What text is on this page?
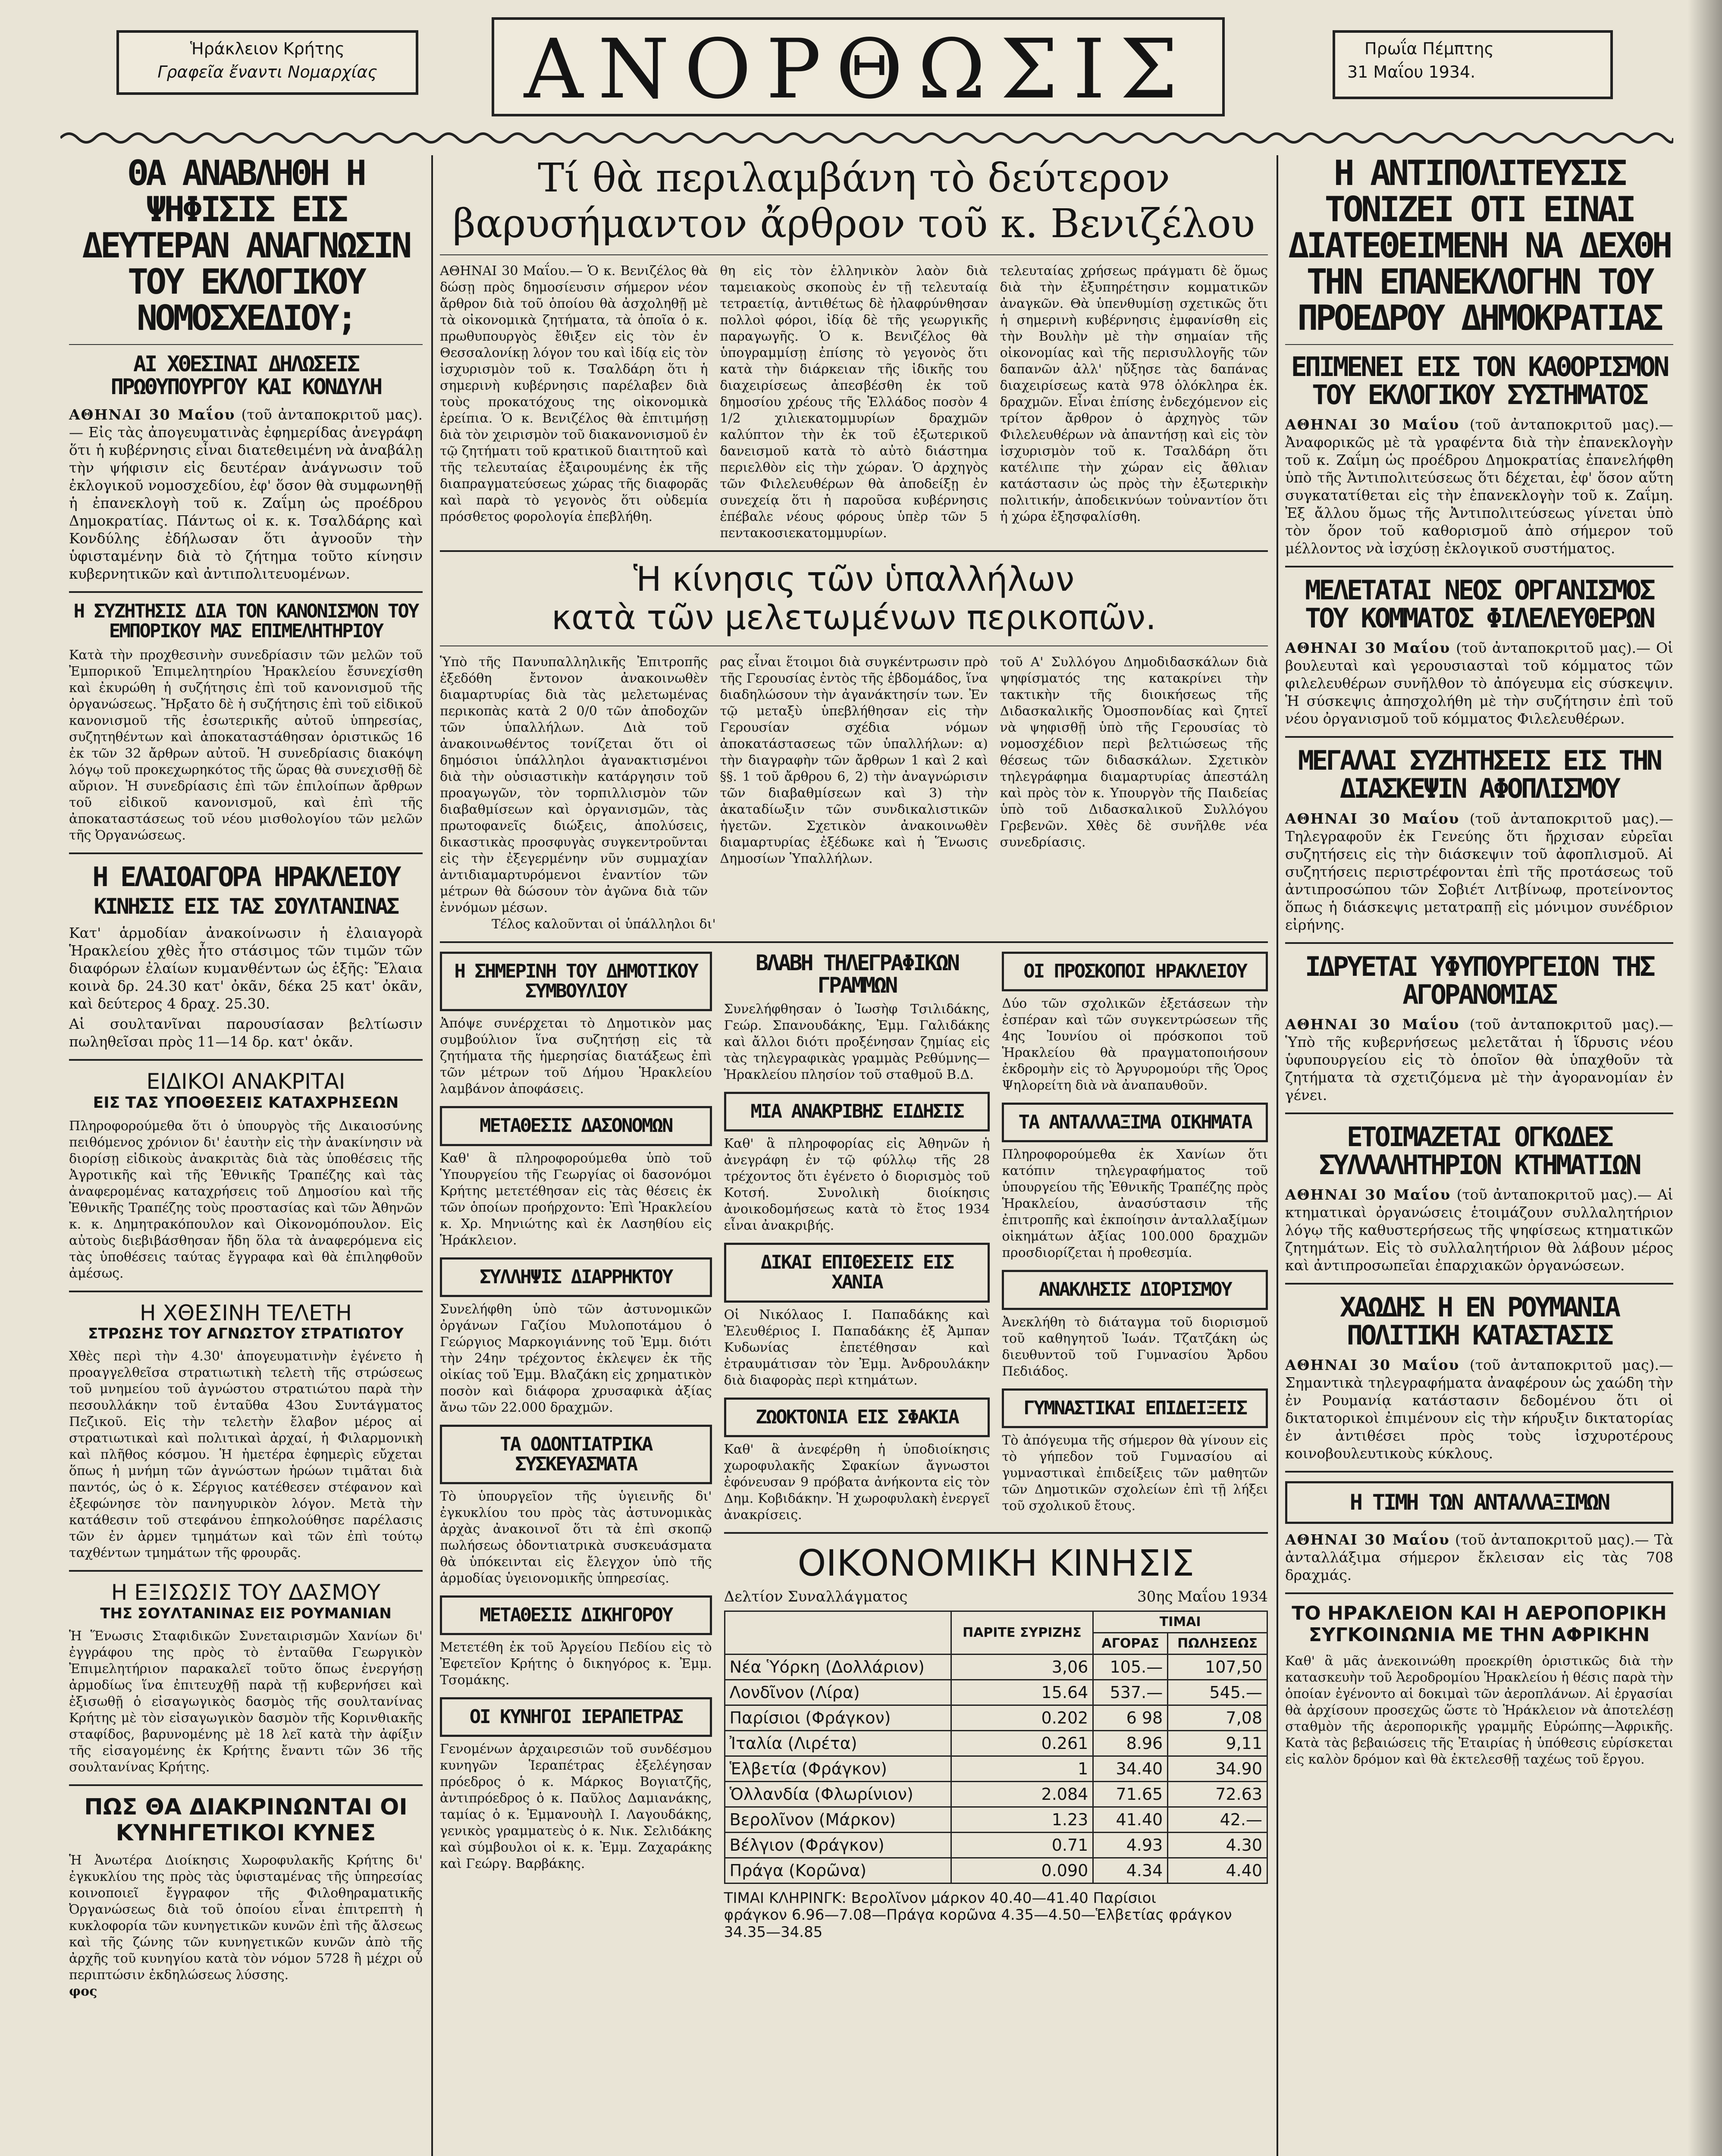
Ἡράκλειον Κρήτης
Γραφεῖα ἔναντι Νομαρχίας	ΑΝΟΡΘΩΣΙΣ	Πρωΐα Πέμπτης
31 Μαΐου 1934.
ΘΑ ΑΝΑΒΛΗΘΗ Η ΨΗΦΙΣΙΣ ΕΙΣ ΔΕΥΤΕΡΑΝ ΑΝΑΓΝΩΣΙΝ ΤΟΥ ΕΚΛΟΓΙΚΟΥ ΝΟΜΟΣΧΕΔΙΟΥ;
ΑΙ ΧΘΕΣΙΝΑΙ ΔΗΛΩΣΕΙΣ ΠΡΩΘΥΠΟΥΡΓΟΥ ΚΑΙ ΚΟΝΔΥΛΗ

ΑΘΗΝΑΙ 30 Μαΐου (τοῦ ἀνταποκριτοῦ μας).— Εἰς τὰς ἀπογευματινὰς ἐφημερίδας ἀνεγράφη ὅτι ἡ κυβέρνησις εἶναι διατεθειμένη νὰ ἀναβάλῃ τὴν ψήφισιν εἰς δευτέραν ἀνάγνωσιν τοῦ ἐκλογικοῦ νομοσχεδίου, ἐφ' ὅσον θὰ συμφωνηθῇ ἡ ἐπανεκλογὴ τοῦ κ. Ζαΐμη ὡς προέδρου Δημοκρατίας. Πάντως οἱ κ. κ. Τσαλδάρης καὶ Κονδύλης ἐδήλωσαν ὅτι ἀγνοοῦν τὴν ὑφισταμένην διὰ τὸ ζήτημα τοῦτο κίνησιν κυβερνητικῶν καὶ ἀντιπολιτευομένων.

Η ΣΥΖΗΤΗΣΙΣ ΔΙΑ ΤΟΝ ΚΑΝΟΝΙΣΜΟΝ ΤΟΥ ΕΜΠΟΡΙΚΟΥ ΜΑΣ ΕΠΙΜΕΛΗΤΗΡΙΟΥ

Κατὰ τὴν προχθεσινὴν συνεδρίασιν τῶν μελῶν τοῦ Ἐμπορικοῦ Ἐπιμελητηρίου Ἡρακλείου ἔσυνεχίσθη καὶ ἐκυρώθη ἡ συζήτησις ἐπὶ τοῦ κανονισμοῦ τῆς ὀργανώσεως. Ἤρξατο δὲ ἡ συζήτησις ἐπὶ τοῦ εἰδικοῦ κανονισμοῦ τῆς ἐσωτερικῆς αὐτοῦ ὑπηρεσίας, συζητηθέντων καὶ ἀποκαταστάθησαν ὁριστικῶς 16 ἐκ τῶν 32 ἄρθρων αὐτοῦ. Ἡ συνεδρίασις διακόψη λόγῳ τοῦ προκεχωρηκότος τῆς ὥρας θὰ συνεχισθῇ δὲ αὔριον. Ἡ συνεδρίασις ἐπὶ τῶν ἐπιλοίπων ἄρθρων τοῦ εἰδικοῦ κανονισμοῦ, καὶ ἐπὶ τῆς ἀποκαταστάσεως τοῦ νέου μισθολογίου τῶν μελῶν τῆς Ὀργανώσεως.

Η ΕΛΑΙΟΑΓΟΡΑ ΗΡΑΚΛΕΙΟΥ
ΚΙΝΗΣΙΣ ΕΙΣ ΤΑΣ ΣΟΥΛΤΑΝΙΝΑΣ

Κατ' ἁρμοδίαν ἀνακοίνωσιν ἡ ἐλαιαγορὰ Ἡρακλείου χθὲς ἦτο στάσιμος τῶν τιμῶν τῶν διαφόρων ἐλαίων κυμανθέντων ὡς ἑξῆς: Ἔλαια κοινὰ δρ. 24.30 κατ' ὀκᾶν, δέκα 25 κατ' ὀκᾶν, καὶ δεύτερος 4 δραχ. 25.30.

Αἱ σουλτανῖναι παρουσίασαν βελτίωσιν πωληθεῖσαι πρὸς 11—14 δρ. κατ' ὀκᾶν.

ΕΙΔΙΚΟΙ ΑΝΑΚΡΙΤΑΙ
ΕΙΣ ΤΑΣ ΥΠΟΘΕΣΕΙΣ ΚΑΤΑΧΡΗΣΕΩΝ

Πληροφορούμεθα ὅτι ὁ ὑπουργὸς τῆς Δικαιοσύνης πειθόμενος χρόνιον δι' ἑαυτὴν εἰς τὴν ἀνακίνησιν νὰ διορίσῃ εἰδικοὺς ἀνακριτὰς διὰ τὰς ὑποθέσεις τῆς Ἀγροτικῆς καὶ τῆς Ἐθνικῆς Τραπέζης καὶ τὰς ἀναφερομένας καταχρήσεις τοῦ Δημοσίου καὶ τῆς Ἐθνικῆς Τραπέζης τοὺς προστασίας καὶ τῶν Ἀθηνῶν κ. κ. Δημητρακόπουλον καὶ Οἰκονομόπουλον. Εἰς αὐτοὺς διεβιβάσθησαν ἤδη ὅλα τὰ ἀναφερόμενα εἰς τὰς ὑποθέσεις ταύτας ἔγγραφα καὶ θὰ ἐπιληφθοῦν ἀμέσως.

Η ΧΘΕΣΙΝΗ ΤΕΛΕΤΗ
ΣΤΡΩΣΗΣ ΤΟΥ ΑΓΝΩΣΤΟΥ ΣΤΡΑΤΙΩΤΟΥ

Χθὲς περὶ τὴν 4.30' ἀπογευματινὴν ἐγένετο ἡ προαγγελθεῖσα στρατιωτικὴ τελετὴ τῆς στρώσεως τοῦ μνημείου τοῦ ἀγνώστου στρατιώτου παρὰ τὴν πεσουλλάκην τοῦ ἐνταῦθα 43ου Συντάγματος Πεζικοῦ. Εἰς τὴν τελετὴν ἔλαβον μέρος αἱ στρατιωτικαὶ καὶ πολιτικαὶ ἀρχαί, ἡ Φιλαρμονικὴ καὶ πλῆθος κόσμου. Ἡ ἡμετέρα ἐφημερὶς εὔχεται ὅπως ἡ μνήμη τῶν ἀγνώστων ἡρώων τιμᾶται διὰ παντός, ὡς ὁ κ. Σέργιος κατέθεσεν στέφανον καὶ ἐξεφώνησε τὸν πανηγυρικὸν λόγον. Μετὰ τὴν κατάθεσιν τοῦ στεφάνου ἐπηκολούθησε παρέλασις τῶν ἐν ἀρμεν τμημάτων καὶ τῶν ἐπὶ τούτῳ ταχθέντων τμημάτων τῆς φρουρᾶς.

Η ΕΞΙΣΩΣΙΣ ΤΟΥ ΔΑΣΜΟΥ
ΤΗΣ ΣΟΥΛΤΑΝΙΝΑΣ ΕΙΣ ΡΟΥΜΑΝΙΑΝ

Ἡ Ἕνωσις Σταφιδικῶν Συνεταιρισμῶν Χανίων δι' ἐγγράφου της πρὸς τὸ ἐνταῦθα Γεωργικὸν Ἐπιμελητήριον παρακαλεῖ τοῦτο ὅπως ἐνεργήσῃ ἀρμοδίως ἵνα ἐπιτευχθῇ παρὰ τῇ κυβερνήσει καὶ ἐξισωθῇ ὁ εἰσαγωγικὸς δασμὸς τῆς σουλτανίνας Κρήτης μὲ τὸν εἰσαγωγικὸν δασμὸν τῆς Κορινθιακῆς σταφίδος, βαρυνομένης μὲ 18 λεῖ κατὰ τὴν ἀφίξιν τῆς εἰσαγομένης ἐκ Κρήτης ἔναντι τῶν 36 τῆς σουλτανίνας Κρήτης.

ΠΩΣ ΘΑ ΔΙΑΚΡΙΝΩΝΤΑΙ ΟΙ ΚΥΝΗΓΕΤΙΚΟΙ ΚΥΝΕΣ

Ἡ Ἀνωτέρα Διοίκησις Χωροφυλακῆς Κρήτης δι' ἐγκυκλίου της πρὸς τὰς ὑφισταμένας τῆς ὑπηρεσίας κοινοποιεῖ ἔγγραφον τῆς Φιλοθηραματικῆς Ὀργανώσεως διὰ τοῦ ὁποίου εἶναι ἐπιτρεπτὴ ἡ κυκλοφορία τῶν κυνηγετικῶν κυνῶν ἐπὶ τῆς ἄλσεως καὶ τῆς ζώνης τῶν κυνηγετικῶν κυνῶν ἀπὸ τῆς ἀρχῆς τοῦ κυνηγίου κατὰ τὸν νόμον 5728 ἢ μέχρι οὗ περιπτώσιν ἐκδηλώσεως λύσσης.

φος
Τί θὰ περιλαμβάνη τὸ δεύτερον
βαρυσήμαντον ἄρθρον τοῦ κ. Βενιζέλου

ΑΘΗΝΑΙ 30 Μαΐου.— Ὁ κ. Βενιζέλος θὰ δώσῃ πρὸς δημοσίευσιν σήμερον νέον ἄρθρον διὰ τοῦ ὁποίου θὰ ἀσχοληθῇ μὲ τὰ οἰκονομικὰ ζητήματα, τὰ ὁποῖα ὁ κ. πρωθυπουργὸς ἔθιξεν εἰς τὸν ἐν Θεσσαλονίκῃ λόγον του καὶ ἰδίᾳ εἰς τὸν ἰσχυρισμὸν τοῦ κ. Τσαλδάρη ὅτι ἡ σημερινὴ κυβέρνησις παρέλαβεν διὰ τοὺς προκατόχους της οἰκονομικὰ ἐρείπια. Ὁ κ. Βενιζέλος θὰ ἐπιτιμήσῃ διὰ τὸν χειρισμὸν τοῦ διακανονισμοῦ ἐν τῷ ζητήματι τοῦ κρατικοῦ διαιτητοῦ καὶ τῆς τελευταίας ἐξαιρουμένης ἐκ τῆς διαπραγματεύσεως χώρας τῆς διαφορᾶς καὶ παρὰ τὸ γεγονὸς ὅτι οὐδεμία πρόσθετος φορολογία ἐπεβλήθη.

θη εἰς τὸν ἑλληνικὸν λαὸν διὰ ταμειακοὺς σκοποὺς ἐν τῇ τελευταίᾳ τετραετίᾳ, ἀντιθέτως δὲ ἠλαφρύνθησαν πολλοὶ φόροι, ἰδίᾳ δὲ τῆς γεωργικῆς παραγωγῆς. Ὁ κ. Βενιζέλος θὰ ὑπογραμμίσῃ ἐπίσης τὸ γεγονὸς ὅτι κατὰ τὴν διάρκειαν τῆς ἰδικῆς του διαχειρίσεως ἀπεσβέσθη ἐκ τοῦ δημοσίου χρέους τῆς Ἑλλάδος ποσὸν 4 1/2 χιλιεκατομμυρίων δραχμῶν καλύπτον τὴν ἐκ τοῦ ἐξωτερικοῦ δανεισμοῦ κατὰ τὸ αὐτὸ διάστημα περιελθὸν εἰς τὴν χώραν. Ὁ ἀρχηγὸς τῶν Φιλελευθέρων θὰ ἀποδείξῃ ἐν συνεχείᾳ ὅτι ἡ παροῦσα κυβέρνησις ἐπέβαλε νέους φόρους ὑπὲρ τῶν 5 πεντακοσιεκατομμυρίων.

τελευταίας χρήσεως πράγματι δὲ ὅμως διὰ τὴν ἐξυπηρέτησιν κομματικῶν ἀναγκῶν. Θὰ ὑπενθυμίσῃ σχετικῶς ὅτι ἡ σημερινὴ κυβέρνησις ἐμφανίσθη εἰς τὴν Βουλὴν μὲ τὴν σημαίαν τῆς οἰκονομίας καὶ τῆς περισυλλογῆς τῶν δαπανῶν ἀλλ' ηὔξησε τὰς δαπάνας διαχειρίσεως κατὰ 978 ὁλόκληρα ἑκ. δραχμῶν. Εἶναι ἐπίσης ἐνδεχόμενον εἰς τρίτον ἄρθρον ὁ ἀρχηγὸς τῶν Φιλελευθέρων νὰ ἀπαντήσῃ καὶ εἰς τὸν ἰσχυρισμὸν τοῦ κ. Τσαλδάρη ὅτι κατέλιπε τὴν χώραν εἰς ἄθλιαν κατάστασιν ὡς πρὸς τὴν ἐξωτερικὴν πολιτικήν, ἀποδεικνύων τοὐναντίον ὅτι ἡ χώρα ἐξησφαλίσθη.

Ἡ κίνησις τῶν ὑπαλλήλων
κατὰ τῶν μελετωμένων περικοπῶν.

Ὑπὸ τῆς Πανυπαλληλικῆς Ἐπιτροπῆς ἐξεδόθη ἔντονον ἀνακοινωθὲν διαμαρτυρίας διὰ τὰς μελετωμένας περικοπὰς κατὰ 2 0/0 τῶν ἀποδοχῶν τῶν ὑπαλλήλων. Διὰ τοῦ ἀνακοινωθέντος τονίζεται ὅτι οἱ δημόσιοι ὑπάλληλοι ἀγανακτισμένοι διὰ τὴν οὐσιαστικὴν κατάργησιν τοῦ προαγωγῶν, τὸν τορπιλλισμὸν τῶν διαβαθμίσεων καὶ ὀργανισμῶν, τὰς πρωτοφανεῖς διώξεις, ἀπολύσεις, δικαστικὰς προσφυγὰς συγκεντροῦνται εἰς τὴν ἐξεγερμένην νῦν συμμαχίαν ἀντιδιαμαρτυρόμενοι ἐναντίον τῶν μέτρων θὰ δώσουν τὸν ἀγῶνα διὰ τῶν ἐννόμων μέσων.

ρας εἶναι ἕτοιμοι διὰ συγκέντρωσιν πρὸ τῆς Γερουσίας ἐντὸς τῆς ἑβδομάδος, ἵνα διαδηλώσουν τὴν ἀγανάκτησίν των. Ἐν τῷ μεταξὺ ὑπεβλήθησαν εἰς τὴν Γερουσίαν σχέδια νόμων ἀποκατάστασεως τῶν ὑπαλλήλων: α) τὴν διαγραφὴν τῶν ἄρθρων 1 καὶ 2 καὶ §§. 1 τοῦ ἄρθρου 6, 2) τὴν ἀναγνώρισιν τῶν διαβαθμίσεων καὶ 3) τὴν ἀκαταδίωξιν τῶν συνδικαλιστικῶν ἡγετῶν. Σχετικὸν ἀνακοινωθὲν διαμαρτυρίας ἐξέδωκε καὶ ἡ Ἕνωσις Δημοσίων Ὑπαλλήλων.

τοῦ Α' Συλλόγου Δημοδιδασκάλων διὰ ψηφίσματός της κατακρίνει τὴν τακτικὴν τῆς διοικήσεως τῆς Διδασκαλικῆς Ὁμοσπονδίας καὶ ζητεῖ νὰ ψηφισθῇ ὑπὸ τῆς Γερουσίας τὸ νομοσχέδιον περὶ βελτιώσεως τῆς θέσεως τῶν διδασκάλων. Σχετικὸν τηλεγράφημα διαμαρτυρίας ἀπεστάλη καὶ πρὸς τὸν κ. Υπουργὸν τῆς Παιδείας ὑπὸ τοῦ Διδασκαλικοῦ Συλλόγου Γρεβενῶν. Χθὲς δὲ συνῆλθε νέα συνεδρίασις.

Τέλος καλοῦνται οἱ ὑπάλληλοι δι'

Η ΣΗΜΕΡΙΝΗ ΤΟΥ ΔΗΜΟΤΙΚΟΥ ΣΥΜΒΟΥΛΙΟΥ

Ἀπόψε συνέρχεται τὸ Δημοτικὸν μας συμβούλιον ἵνα συζητήσῃ εἰς τὰ ζητήματα τῆς ἡμερησίας διατάξεως ἐπὶ τῶν μέτρων τοῦ Δήμου Ἡρακλείου λαμβάνον ἀποφάσεις.

ΜΕΤΑΘΕΣΙΣ ΔΑΣΟΝΟΜΩΝ

Καθ' ἃ πληροφορούμεθα ὑπὸ τοῦ Ὑπουργείου τῆς Γεωργίας οἱ δασονόμοι Κρήτης μετετέθησαν εἰς τὰς θέσεις ἐκ τῶν ὁποίων προήρχοντο: Ἐπὶ Ἡρακλείου κ. Χρ. Μηνιώτης καὶ ἐκ Λασηθίου εἰς Ἡράκλειον.

ΣΥΛΛΗΨΙΣ ΔΙΑΡΡΗΚΤΟΥ

Συνελήφθη ὑπὸ τῶν ἀστυνομικῶν ὀργάνων Γαζίου Μυλοποτάμου ὁ Γεώργιος Μαρκογιάννης τοῦ Ἐμμ. διότι τὴν 24ην τρέχοντος ἐκλεψεν ἐκ τῆς οἰκίας τοῦ Ἐμμ. Βλαζάκη εἰς χρηματικὸν ποσὸν καὶ διάφορα χρυσαφικὰ ἀξίας ἄνω τῶν 22.000 δραχμῶν.

ΤΑ ΟΔΟΝΤΙΑΤΡΙΚΑ ΣΥΣΚΕΥΑΣΜΑΤΑ

Τὸ ὑπουργεῖον τῆς ὑγιεινῆς δι' ἐγκυκλίου του πρὸς τὰς ἀστυνομικὰς ἀρχὰς ἀνακοινοῖ ὅτι τὰ ἐπὶ σκοπῷ πωλήσεως ὀδοντιατρικὰ συσκευάσματα θὰ ὑπόκεινται εἰς ἔλεγχον ὑπὸ τῆς ἁρμοδίας ὑγειονομικῆς ὑπηρεσίας.

ΜΕΤΑΘΕΣΙΣ ΔΙΚΗΓΟΡΟΥ

Μετετέθη ἐκ τοῦ Ἀργείου Πεδίου εἰς τὸ Ἐφετεῖον Κρήτης ὁ δικηγόρος κ. Ἐμμ. Τσομάκης.

ΟΙ ΚΥΝΗΓΟΙ ΙΕΡΑΠΕΤΡΑΣ

Γενομένων ἀρχαιρεσιῶν τοῦ συνδέσμου κυνηγῶν Ἱεραπέτρας ἐξελέγησαν πρόεδρος ὁ κ. Μάρκος Βογιατζῆς, ἀντιπρόεδρος ὁ κ. Παῦλος Δαμιανάκης, ταμίας ὁ κ. Ἐμμανουὴλ Ι. Λαγουδάκης, γενικὸς γραμματεὺς ὁ κ. Νικ. Σελιδάκης καὶ σύμβουλοι οἱ κ. κ. Ἐμμ. Ζαχαράκης καὶ Γεώργ. Βαρβάκης.

ΒΛΑΒΗ ΤΗΛΕΓΡΑΦΙΚΩΝ ΓΡΑΜΜΩΝ

Συνελήφθησαν ὁ Ἰωσὴφ Τσιλιδάκης, Γεώρ. Σπανουδάκης, Ἐμμ. Γαλιδάκης καὶ ἄλλοι διότι προξένησαν ζημίας εἰς τὰς τηλεγραφικὰς γραμμὰς Ρεθύμνης—Ἡρακλείου πλησίον τοῦ σταθμοῦ Β.Δ.

ΜΙΑ ΑΝΑΚΡΙΒΗΣ ΕΙΔΗΣΙΣ

Καθ' ἃ πληροφορίας εἰς Ἀθηνῶν ἡ ἀνεγράφη ἐν τῷ φύλλῳ τῆς 28 τρέχοντος ὅτι ἐγένετο ὁ διορισμὸς τοῦ Κοτσή. Συνολικὴ διοίκησις ἀνοικοδομήσεως κατὰ τὸ ἔτος 1934 εἶναι ἀνακριβής.

ΔΙΚΑΙ ΕΠΙΘΕΣΕΙΣ ΕΙΣ ΧΑΝΙΑ

Οἱ Νικόλαος Ι. Παπαδάκης καὶ Ἐλευθέριος Ι. Παπαδάκης ἐξ Ἀμπαν Κυδωνίας ἐπετέθησαν καὶ ἐτραυμάτισαν τὸν Ἐμμ. Ἀνδρουλάκην διὰ διαφορὰς περὶ κτημάτων.

ΖΩΟΚΤΟΝΙΑ ΕΙΣ ΣΦΑΚΙΑ

Καθ' ἃ ἀνεφέρθη ἡ ὑποδιοίκησις χωροφυλακῆς Σφακίων ἄγνωστοι ἐφόνευσαν 9 πρόβατα ἀνήκοντα εἰς τὸν Δημ. Κοβιδάκην. Ἡ χωροφυλακὴ ἐνεργεῖ ἀνακρίσεις.

ΟΙ ΠΡΟΣΚΟΠΟΙ ΗΡΑΚΛΕΙΟΥ

Δύο τῶν σχολικῶν ἐξετάσεων τὴν ἐσπέραν καὶ τῶν συγκεντρώσεων τῆς 4ης Ἰουνίου οἱ πρόσκοποι τοῦ Ἡρακλείου θὰ πραγματοποιήσουν ἐκδρομὴν εἰς τὸ Ἀργυρομούρι τῆς Ὁρος Ψηλορείτη διὰ νὰ ἀναπαυθοῦν.

ΤΑ ΑΝΤΑΛΛΑΞΙΜΑ ΟΙΚΗΜΑΤΑ

Πληροφορούμεθα ἐκ Χανίων ὅτι κατόπιν τηλεγραφήματος τοῦ ὑπουργείου τῆς Ἐθνικῆς Τραπέζης πρὸς Ἡρακλείου, ἀνασύστασιν τῆς ἐπιτροπῆς καὶ ἐκποίησιν ἀνταλλαξίμων οἰκημάτων ἀξίας 100.000 δραχμῶν προσδιορίζεται ἡ προθεσμία.

ΑΝΑΚΛΗΣΙΣ ΔΙΟΡΙΣΜΟΥ

Ἀνεκλήθη τὸ διάταγμα τοῦ διορισμοῦ τοῦ καθηγητοῦ Ἰωάν. Τζατζάκη ὡς διευθυντοῦ τοῦ Γυμνασίου Ἄρδου Πεδιάδος.

ΓΥΜΝΑΣΤΙΚΑΙ ΕΠΙΔΕΙΞΕΙΣ

Τὸ ἀπόγευμα τῆς σήμερον θὰ γίνουν εἰς τὸ γήπεδον τοῦ Γυμνασίου αἱ γυμναστικαὶ ἐπιδείξεις τῶν μαθητῶν τῶν Δημοτικῶν σχολείων ἐπὶ τῇ λήξει τοῦ σχολικοῦ ἔτους.

ΟΙΚΟΝΟΜΙΚΗ ΚΙΝΗΣΙΣ
Δελτίον Συναλλάγματος	30ης Μαΐου 1934
	ΠΑΡΙΤΕ ΣΥΡΙΖΗΣ	ΤΙΜΑΙ	
		ΑΓΟΡΑΣ	ΠΩΛΗΣΕΩΣ
Νέα Ὑόρκη (Δολλάριον)	3,06	105.—	107,50
Λονδῖνον (Λίρα)	15.64	537.—	545.—
Παρίσιοι (Φράγκον)	0.202	6 98	7,08
Ἰταλία (Λιρέτα)	0.261	8.96	9,11
Ἑλβετία (Φράγκον)	1	34.40	34.90
Ὁλλανδία (Φλωρίνιον)	2.084	71.65	72.63
Βερολῖνον (Μάρκον)	1.23	41.40	42.—
Βέλγιον (Φράγκον)	0.71	4.93	4.30
Πράγα (Κορῶνα)	0.090	4.34	4.40

ΤΙΜΑΙ ΚΛΗΡΙΝΓΚ: Βερολῖνον μάρκον 40.40—41.40 Παρίσιοι

φράγκον 6.96—7.08—Πράγα κορῶνα 4.35—4.50—Ἑλβετίας φράγκον 34.35—34.85

Η ΑΝΤΙΠΟΛΙΤΕΥΣΙΣ ΤΟΝΙΖΕΙ ΟΤΙ ΕΙΝΑΙ ΔΙΑΤΕΘΕΙΜΕΝΗ ΝΑ ΔΕΧΘΗ ΤΗΝ ΕΠΑΝΕΚΛΟΓΗΝ ΤΟΥ ΠΡΟΕΔΡΟΥ ΔΗΜΟΚΡΑΤΙΑΣ
ΕΠΙΜΕΝΕΙ ΕΙΣ ΤΟΝ ΚΑΘΟΡΙΣΜΟΝ ΤΟΥ ΕΚΛΟΓΙΚΟΥ ΣΥΣΤΗΜΑΤΟΣ

ΑΘΗΝΑΙ 30 Μαΐου (τοῦ ἀνταποκριτοῦ μας).— Ἀναφορικῶς μὲ τὰ γραφέντα διὰ τὴν ἐπανεκλογὴν τοῦ κ. Ζαΐμη ὡς προέδρου Δημοκρατίας ἐπανελήφθη ὑπὸ τῆς Ἀντιπολιτεύσεως ὅτι δέχεται, ἐφ' ὅσον αὕτη συγκατατίθεται εἰς τὴν ἐπανεκλογὴν τοῦ κ. Ζαΐμη. Ἐξ ἄλλου ὅμως τῆς Ἀντιπολιτεύσεως γίνεται ὑπὸ τὸν ὅρον τοῦ καθορισμοῦ ἀπὸ σήμερον τοῦ μέλλοντος νὰ ἰσχύσῃ ἐκλογικοῦ συστήματος.

ΜΕΛΕΤΑΤΑΙ ΝΕΟΣ ΟΡΓΑΝΙΣΜΟΣ ΤΟΥ ΚΟΜΜΑΤΟΣ ΦΙΛΕΛΕΥΘΕΡΩΝ

ΑΘΗΝΑΙ 30 Μαΐου (τοῦ ἀνταποκριτοῦ μας).— Οἱ βουλευταὶ καὶ γερουσιασταὶ τοῦ κόμματος τῶν φιλελευθέρων συνῆλθον τὸ ἀπόγευμα εἰς σύσκεψιν. Ἡ σύσκεψις ἀπησχολήθη μὲ τὴν συζήτησιν ἐπὶ τοῦ νέου ὀργανισμοῦ τοῦ κόμματος Φιλελευθέρων.

ΜΕΓΑΛΑΙ ΣΥΖΗΤΗΣΕΙΣ ΕΙΣ ΤΗΝ ΔΙΑΣΚΕΨΙΝ ΑΦΟΠΛΙΣΜΟΥ

ΑΘΗΝΑΙ 30 Μαΐου (τοῦ ἀνταποκριτοῦ μας).— Τηλεγραφοῦν ἐκ Γενεύης ὅτι ἤρχισαν εὐρεῖαι συζητήσεις εἰς τὴν διάσκεψιν τοῦ ἀφοπλισμοῦ. Αἱ συζητήσεις περιστρέφονται ἐπὶ τῆς προτάσεως τοῦ ἀντιπροσώπου τῶν Σοβιέτ Λιτβίνωφ, προτείνοντος ὅπως ἡ διάσκεψις μετατραπῇ εἰς μόνιμον συνέδριον εἰρήνης.

ΙΔΡΥΕΤΑΙ ΥΦΥΠΟΥΡΓΕΙΟΝ ΤΗΣ ΑΓΟΡΑΝΟΜΙΑΣ

ΑΘΗΝΑΙ 30 Μαΐου (τοῦ ἀνταποκριτοῦ μας).— Ὑπὸ τῆς κυβερνήσεως μελετᾶται ἡ ἵδρυσις νέου ὑφυπουργείου εἰς τὸ ὁποῖον θὰ ὑπαχθοῦν τὰ ζητήματα τὰ σχετιζόμενα μὲ τὴν ἀγορανομίαν ἐν γένει.

ΕΤΟΙΜΑΖΕΤΑΙ ΟΓΚΩΔΕΣ ΣΥΛΛΑΛΗΤΗΡΙΟΝ ΚΤΗΜΑΤΙΩΝ

ΑΘΗΝΑΙ 30 Μαΐου (τοῦ ἀνταποκριτοῦ μας).— Αἱ κτηματικαὶ ὀργανώσεις ἑτοιμάζουν συλλαλητήριον λόγῳ τῆς καθυστερήσεως τῆς ψηφίσεως κτηματικῶν ζητημάτων. Εἰς τὸ συλλαλητήριον θὰ λάβουν μέρος καὶ ἀντιπροσωπεῖαι ἐπαρχιακῶν ὀργανώσεων.

ΧΑΩΔΗΣ Η ΕΝ ΡΟΥΜΑΝΙΑ ΠΟΛΙΤΙΚΗ ΚΑΤΑΣΤΑΣΙΣ

ΑΘΗΝΑΙ 30 Μαΐου (τοῦ ἀνταποκριτοῦ μας).— Σημαντικὰ τηλεγραφήματα ἀναφέρουν ὡς χαώδη τὴν ἐν Ρουμανίᾳ κατάστασιν δεδομένου ὅτι οἱ δικτατορικοὶ ἐπιμένουν εἰς τὴν κήρυξιν δικτατορίας ἐν ἀντιθέσει πρὸς τοὺς ἰσχυροτέρους κοινοβουλευτικοὺς κύκλους.

Η ΤΙΜΗ ΤΩΝ ΑΝΤΑΛΛΑΞΙΜΩΝ

ΑΘΗΝΑΙ 30 Μαΐου (τοῦ ἀνταποκριτοῦ μας).— Τὰ ἀνταλλάξιμα σήμερον ἔκλεισαν εἰς τὰς 708 δραχμάς.

ΤΟ ΗΡΑΚΛΕΙΟΝ ΚΑΙ Η ΑΕΡΟΠΟΡΙΚΗ ΣΥΓΚΟΙΝΩΝΙΑ ΜΕ ΤΗΝ ΑΦΡΙΚΗΝ

Καθ' ἃ μᾶς ἀνεκοινώθη προεκρίθη ὁριστικῶς διὰ τὴν κατασκευὴν τοῦ Ἀεροδρομίου Ἡρακλείου ἡ θέσις παρὰ τὴν ὁποίαν ἐγένοντο αἱ δοκιμαὶ τῶν ἀεροπλάνων. Αἱ ἐργασίαι θὰ ἀρχίσουν προσεχῶς ὥστε τὸ Ἡράκλειον νὰ ἀποτελέσῃ σταθμὸν τῆς ἀεροπορικῆς γραμμῆς Εὐρώπης—Ἀφρικῆς. Κατὰ τὰς βεβαιώσεις τῆς Ἐταιρίας ἡ ὑπόθεσις εὑρίσκεται εἰς καλὸν δρόμον καὶ θὰ ἐκτελεσθῇ ταχέως τοῦ ἔργου.
